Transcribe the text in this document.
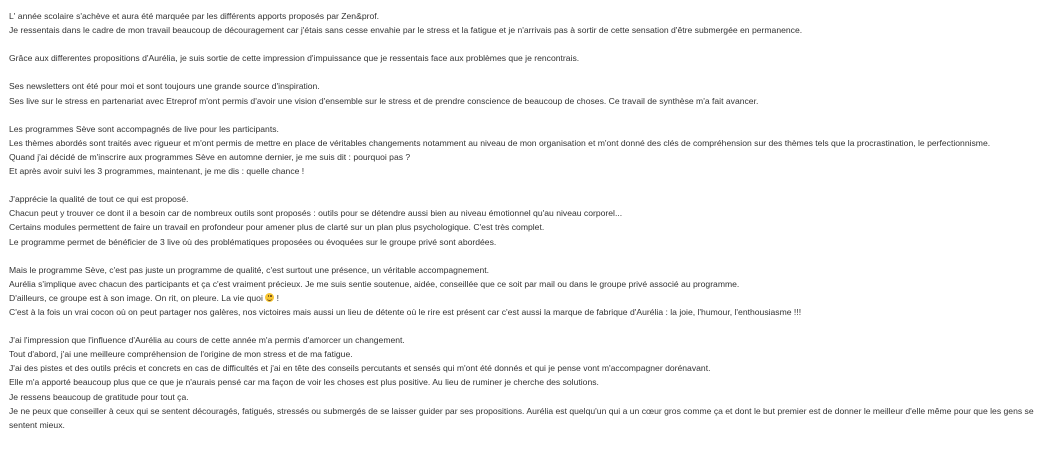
L' année scolaire s'achève et aura été marquée par les différents apports proposés par Zen&prof.
Je ressentais dans le cadre de mon travail beaucoup de découragement car j'étais sans cesse envahie par le stress et la fatigue et je n'arrivais pas à sortir de cette sensation d'être submergée en permanence.
Grâce aux differentes propositions d'Aurélia, je suis sortie de cette impression d'impuissance que je ressentais face aux problèmes que je rencontrais.
Ses newsletters ont été pour moi et sont toujours une grande source d'inspiration.
Ses live sur le stress en partenariat avec Etreprof m'ont permis d'avoir une vision d'ensemble sur le stress et de prendre conscience de beaucoup de choses. Ce travail de synthèse m'a fait avancer.
Les programmes Sève sont accompagnés de live pour les participants.
Les thèmes abordés sont traités avec rigueur et m'ont permis de mettre en place de véritables changements notamment au niveau de mon organisation et m'ont donné des clés de compréhension sur des thèmes tels que la procrastination, le perfectionnisme.
Quand j'ai décidé de m'inscrire aux programmes Sève en automne dernier, je me suis dit : pourquoi pas ?
Et après avoir suivi les 3 programmes, maintenant, je me dis : quelle chance !
J'apprécie la qualité de tout ce qui est proposé.
Chacun peut y trouver ce dont il a besoin car de nombreux outils sont proposés : outils pour se détendre aussi bien au niveau émotionnel qu'au niveau corporel...
Certains modules permettent de faire un travail en profondeur pour amener plus de clarté sur un plan plus psychologique. C'est très complet.
Le programme permet de bénéficier de 3 live où des problématiques proposées ou évoquées sur le groupe privé sont abordées.
Mais le programme Sève, c'est pas juste un programme de qualité, c'est surtout une présence, un véritable accompagnement.
Aurélia s'implique avec chacun des participants et ça c'est vraiment précieux. Je me suis sentie soutenue, aidée, conseillée que ce soit par mail ou dans le groupe privé associé au programme.
D'ailleurs, ce groupe est à son image. On rit, on pleure. La vie quoi
!
C'est à la fois un vrai cocon où on peut partager nos galères, nos victoires mais aussi un lieu de détente où le rire est présent car c'est aussi la marque de fabrique d'Aurélia : la joie, l'humour, l'enthousiasme !!!
J'ai l'impression que l'influence d'Aurélia au cours de cette année m'a permis d'amorcer un changement.
Tout d'abord, j'ai une meilleure compréhension de l'origine de mon stress et de ma fatigue.
J'ai des pistes et des outils précis et concrets en cas de difficultés et j'ai en tête des conseils percutants et sensés qui m'ont été donnés et qui je pense vont m'accompagner dorénavant.
Elle m'a apporté beaucoup plus que ce que je n'aurais pensé car ma façon de voir les choses est plus positive. Au lieu de ruminer je cherche des solutions.
Je ressens beaucoup de gratitude pour tout ça.
Je ne peux que conseiller à ceux qui se sentent découragés, fatigués, stressés ou submergés de se laisser guider par ses propositions. Aurélia est quelqu'un qui a un cœur gros comme ça et dont le but premier est de donner le meilleur d'elle même pour que les gens se sentent mieux.
